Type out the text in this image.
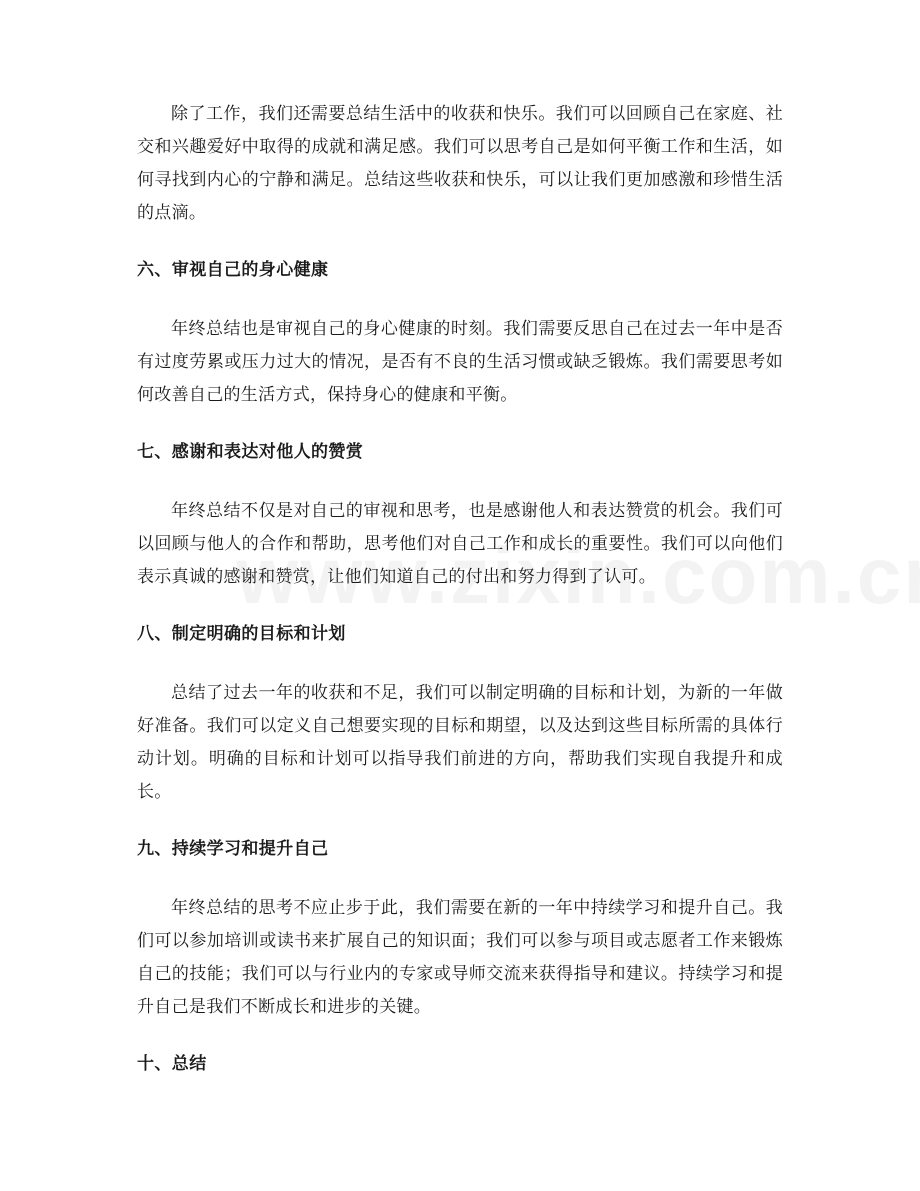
除了工作，我们还需要总结生活中的收获和快乐。我们可以回顾自己在家庭、社交和兴趣爱好中取得的成就和满足感。我们可以思考自己是如何平衡工作和生活，如何寻找到内心的宁静和满足。总结这些收获和快乐，可以让我们更加感激和珍惜生活的点滴。

六、审视自己的身心健康

年终总结也是审视自己的身心健康的时刻。我们需要反思自己在过去一年中是否有过度劳累或压力过大的情况，是否有不良的生活习惯或缺乏锻炼。我们需要思考如何改善自己的生活方式，保持身心的健康和平衡。

七、感谢和表达对他人的赞赏

年终总结不仅是对自己的审视和思考，也是感谢他人和表达赞赏的机会。我们可以回顾与他人的合作和帮助，思考他们对自己工作和成长的重要性。我们可以向他们表示真诚的感谢和赞赏，让他们知道自己的付出和努力得到了认可。

八、制定明确的目标和计划

总结了过去一年的收获和不足，我们可以制定明确的目标和计划，为新的一年做好准备。我们可以定义自己想要实现的目标和期望，以及达到这些目标所需的具体行动计划。明确的目标和计划可以指导我们前进的方向，帮助我们实现自我提升和成长。

九、持续学习和提升自己

年终总结的思考不应止步于此，我们需要在新的一年中持续学习和提升自己。我们可以参加培训或读书来扩展自己的知识面；我们可以参与项目或志愿者工作来锻炼自己的技能；我们可以与行业内的专家或导师交流来获得指导和建议。持续学习和提升自己是我们不断成长和进步的关键。

十、总结
